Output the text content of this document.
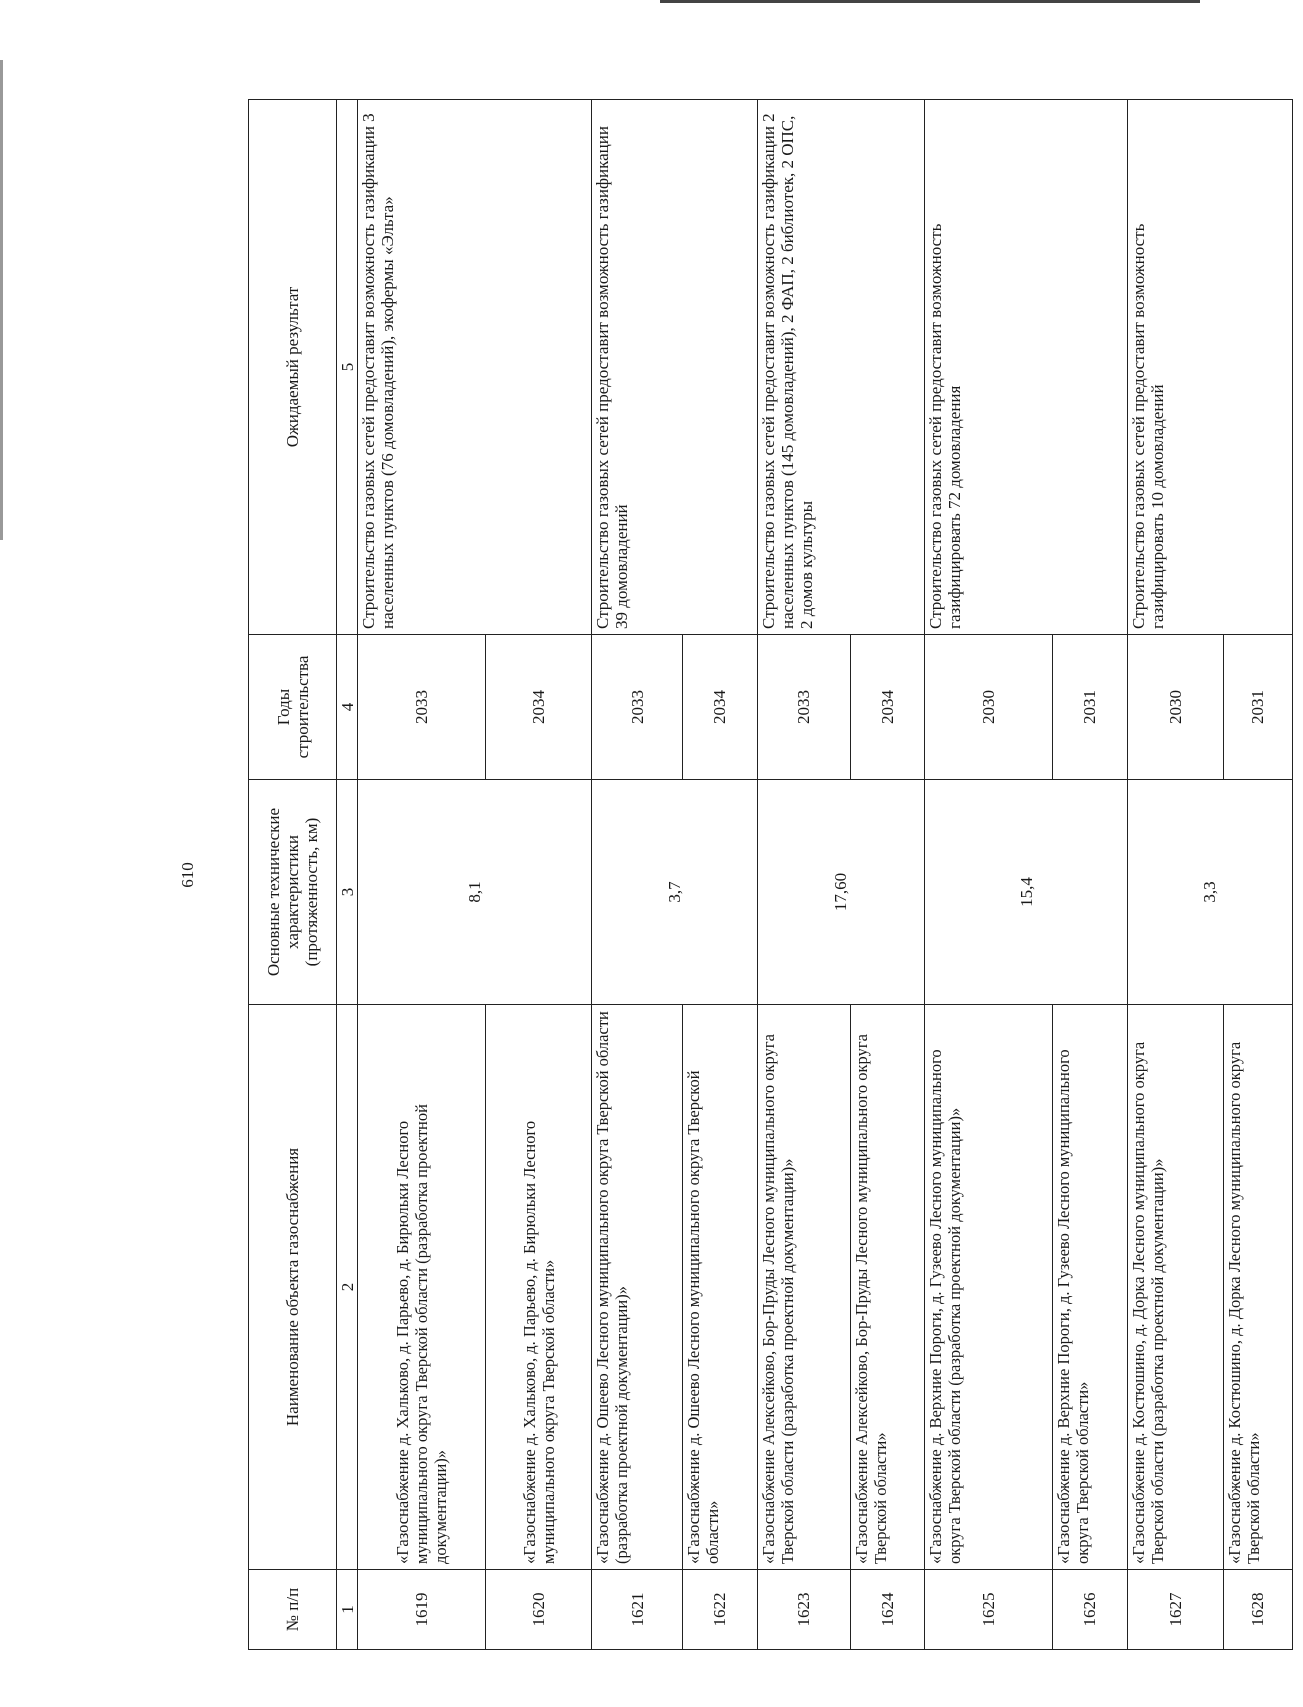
610
№ п/п	Наименование объекта газоснабжения	Основные технические характеристики (протяженность, км)	Годы строительства	Ожидаемый результат
1	2	3	4	5
1619	«Газоснабжение д. Хальково, д. Парьево, д. Бирюльки Лесного муниципального округа Тверской области (разработка проектной документации)»	8,1	2033	Строительство газовых сетей предоставит возможность газификации 3 населенных пунктов (76 домовладений), экофермы «Эльта»
1620	«Газоснабжение д. Хальково, д. Парьево, д. Бирюльки Лесного муниципального округа Тверской области»		2034	
1621	«Газоснабжение д. Ошеево Лесного муниципального округа Тверской области (разработка проектной документации)»	3,7	2033	Строительство газовых сетей предоставит возможность газификации 39 домовладений
1622	«Газоснабжение д. Ошеево Лесного муниципального округа Тверской области»		2034	
1623	«Газоснабжение Алексейково, Бор-Пруды Лесного муниципального округа Тверской области (разработка проектной документации)»	17,60	2033	Строительство газовых сетей предоставит возможность газификации 2 населенных пунктов (145 домовладений), 2 ФАП, 2 библиотек, 2 ОПС, 2 домов культуры
1624	«Газоснабжение Алексейково, Бор-Пруды Лесного муниципального округа Тверской области»		2034	
1625	«Газоснабжение д. Верхние Пороги, д. Гузеево Лесного муниципального округа Тверской области (разработка проектной документации)»	15,4	2030	Строительство газовых сетей предоставит возможность газифицировать 72 домовладения
1626	«Газоснабжение д. Верхние Пороги, д. Гузеево Лесного муниципального округа Тверской области»		2031	
1627	«Газоснабжение д. Костюшино, д. Дорка Лесного муниципального округа Тверской области (разработка проектной документации)»	3,3	2030	Строительство газовых сетей предоставит возможность газифицировать 10 домовладений
1628	«Газоснабжение д. Костюшино, д. Дорка Лесного муниципального округа Тверской области»		2031	
